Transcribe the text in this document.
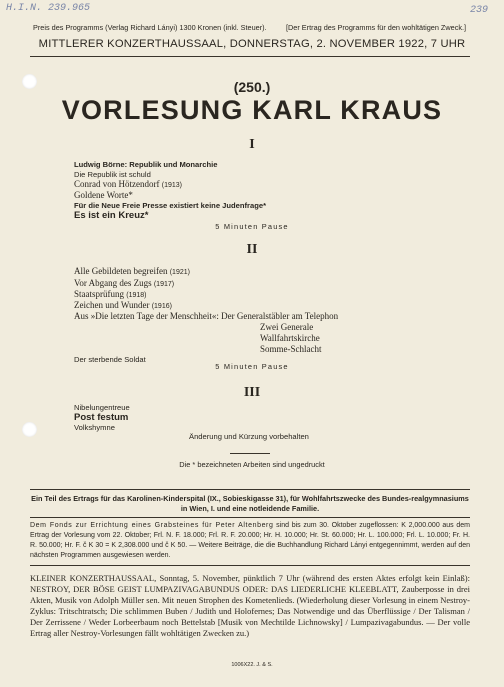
H.I.N. 239.965	239
Preis des Programms (Verlag Richard Lányi) 1300 Kronen (inkl. Steuer).	[Der Ertrag des Programms für den wohltätigen Zweck.]
MITTLERER KONZERTHAUSSAAL, DONNERSTAG, 2. NOVEMBER 1922, 7 UHR
(250.)
VORLESUNG KARL KRAUS
I
Ludwig Börne: Republik und Monarchie
Die Republik ist schuld
Conrad von Hötzendorf (1913)
Goldene Worte*
Für die Neue Freie Presse existiert keine Judenfrage*
Es ist ein Kreuz*
5 Minuten Pause
II
Alle Gebildeten begreifen (1921)
Vor Abgang des Zugs (1917)
Staatsprüfung (1918)
Zeichen und Wunder (1916)
Aus »Die letzten Tage der Menschheit«: Der Generalstäbler am Telephon
Zwei Generale
Wallfahrtskirche
Somme-Schlacht
Der sterbende Soldat
5 Minuten Pause
III
Nibelungentreue
Post festum
Volkshymne
Änderung und Kürzung vorbehalten
Die * bezeichneten Arbeiten sind ungedruckt
Ein Teil des Ertrags für das Karolinen-Kinderspital (IX., Sobieskigasse 31), für Wohlfahrtszwecke des Bundes-realgymnasiums in Wien, I. und eine notleidende Familie.
Dem Fonds zur Errichtung eines Grabsteines für Peter Altenberg sind bis zum 30. Oktober zugeflossen: K 2,000.000 aus dem Ertrag der Vorlesung vom 22. Oktober; Frl. N. F. 18.000; Frl. R. F. 20.000; Hr. H. 10.000; Hr. St. 60.000; Hr. L. 100.000; Frl. L. 10.000; Fr. H. R. 50.000; Hr. F. č K 30 = K 2,308.000 und č K 50. — Weitere Beiträge, die die Buchhandlung Richard Lányi entgegennimmt, werden auf den nächsten Programmen ausgewiesen werden.
KLEINER KONZERTHAUSSAAL, Sonntag, 5. November, pünktlich 7 Uhr (während des ersten Aktes erfolgt kein Einlaß): NESTROY, DER BÖSE GEIST LUMPAZIVAGABUNDUS ODER: DAS LIEDERLICHE KLEEBLATT, Zauberposse in drei Akten, Musik von Adolph Müller sen. Mit neuen Strophen des Kometenlieds. (Wiederholung dieser Vorlesung in einem Nestroy-Zyklus: Tritschtratsch; Die schlimmen Buben / Judith und Holofernes; Das Notwendige und das Überflüssige / Der Talisman / Der Zerrissene / Weder Lorbeerbaum noch Bettelstab [Musik von Mechtilde Lichnowsky] / Lumpazivagabundus. — Der volle Ertrag aller Nestroy-Vorlesungen fällt wohltätigen Zwecken zu.)
1006X22. J. & S.
